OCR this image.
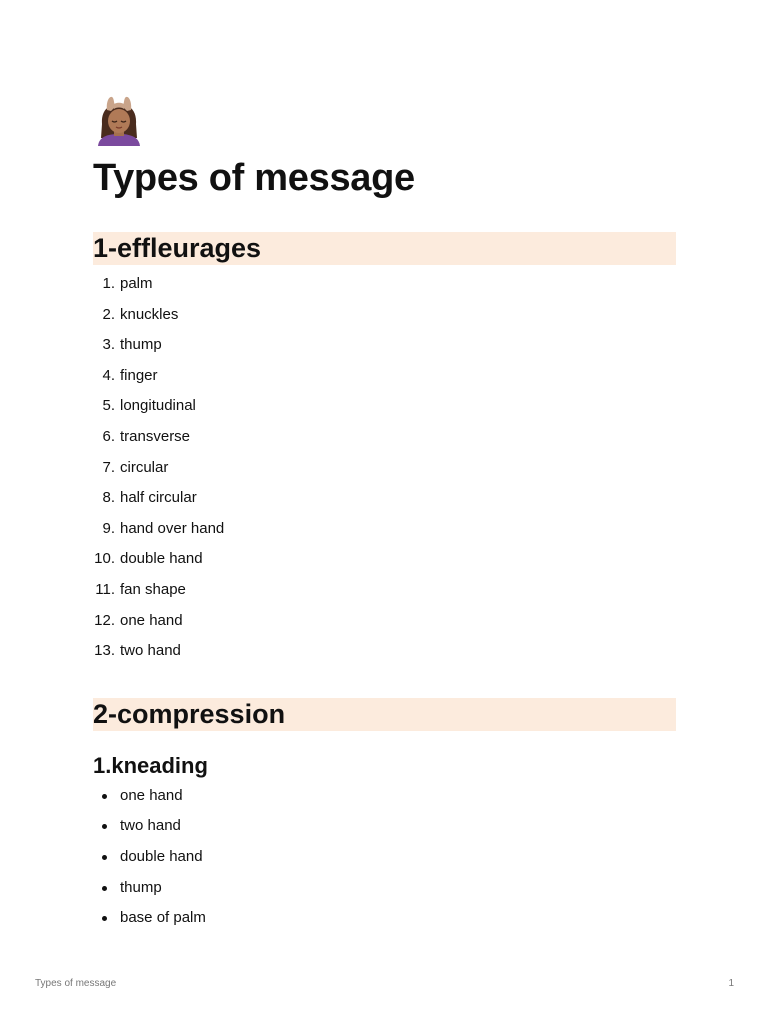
Types of message
1-effleurages
1. palm
2. knuckles
3. thump
4. finger
5. longitudinal
6. transverse
7. circular
8. half circular
9. hand over hand
10. double hand
11. fan shape
12. one hand
13. two hand
2-compression
1.kneading
one hand
two hand
double hand
thump
base of palm
Types of message	1
